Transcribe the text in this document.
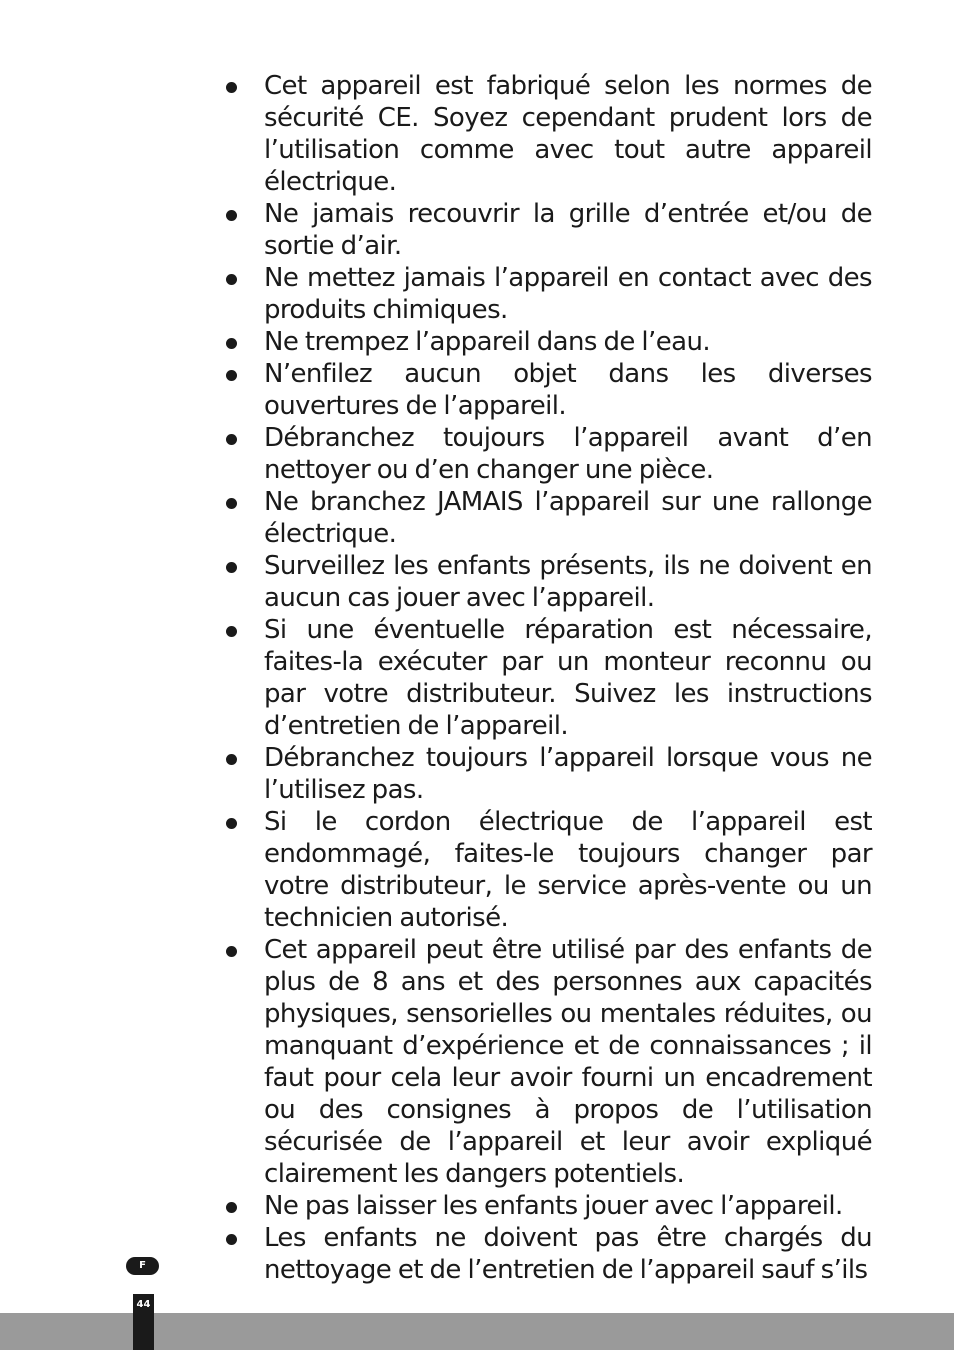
Cet appareil est fabriqué selon les normes de sécurité CE. Soyez cependant prudent lors de l’utilisation comme avec tout autre appareil électrique.
Ne jamais recouvrir la grille d’entrée et/ou de sortie d’air.
Ne mettez jamais l’appareil en contact avec des produits chimiques.
Ne trempez l’appareil dans de l’eau.
N’enfilez aucun objet dans les diverses ouvertures de l’appareil.
Débranchez toujours l’appareil avant d’en nettoyer ou d’en changer une pièce.
Ne branchez JAMAIS l’appareil sur une rallonge électrique.
Surveillez les enfants présents, ils ne doivent en aucun cas jouer avec l’appareil.
Si une éventuelle réparation est nécessaire, faites-la exécuter par un monteur reconnu ou par votre distributeur. Suivez les instructions d’entretien de l’appareil.
Débranchez toujours l’appareil lorsque vous ne l’utilisez pas.
Si le cordon électrique de l’appareil est endommagé, faites-le toujours changer par votre distributeur, le service après-vente ou un technicien autorisé.
Cet appareil peut être utilisé par des enfants de plus de 8 ans et des personnes aux capacités physiques, sensorielles ou mentales réduites, ou manquant d’expérience et de connaissances ; il faut pour cela leur avoir fourni un encadrement ou des consignes à propos de l’utilisation sécurisée de l’appareil et leur avoir expliqué clairement les dangers potentiels.
Ne pas laisser les enfants jouer avec l’appareil.
Les enfants ne doivent pas être chargés du nettoyage et de l’entretien de l’appareil sauf s’ils
F
44
